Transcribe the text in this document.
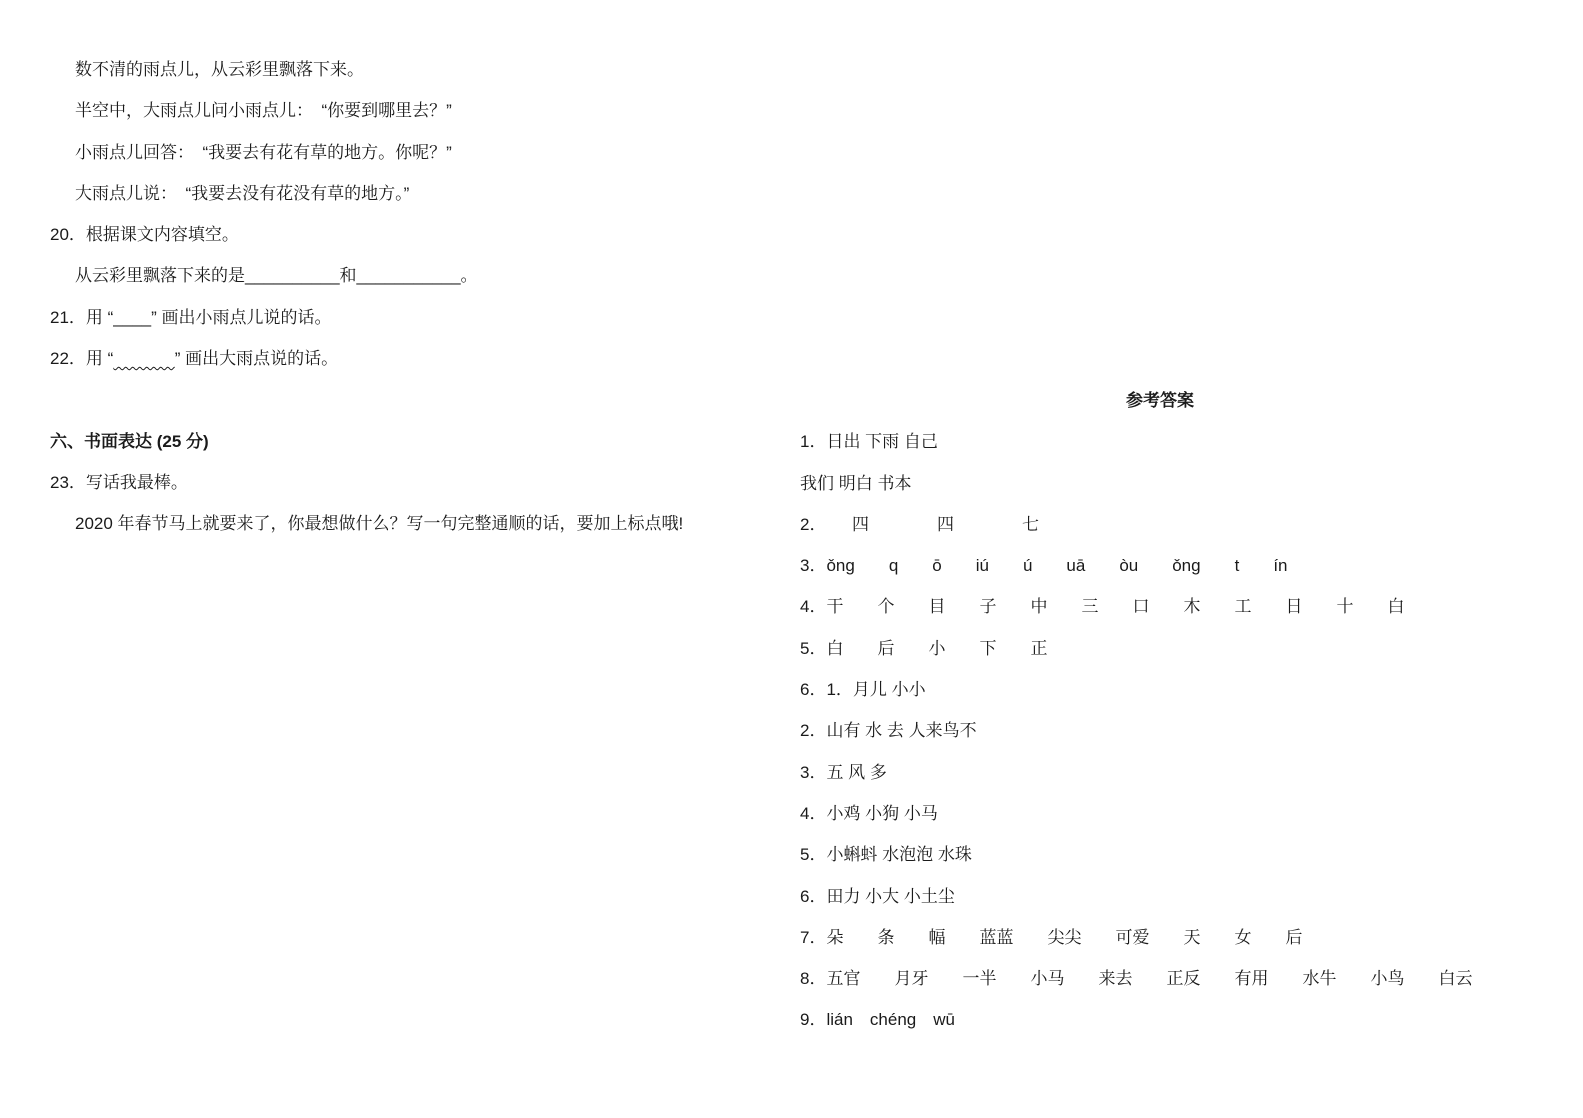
数不清的雨点儿，从云彩里飘落下来。
半空中，大雨点儿问小雨点儿：　“你要到哪里去？”
小雨点儿回答：　“我要去有花有草的地方。你呢？”
大雨点儿说：　“我要去没有花没有草的地方。”
20．根据课文内容填空。
从云彩里飘落下来的是__________和___________。
21．用 “____” 画出小雨点儿说的话。
22．用 “	” 画出大雨点说的话。
六、书面表达 (25 分)
23．写话我最棒。
2020 年春节马上就要来了，你最想做什么？写一句完整通顺的话，要加上标点哦!
参考答案
1．日出 下雨 自己
我们 明白 书本
2．　　四　　　　四　　　　七
3．ǒng　　q　　ō　　iú　　ú　　uā　　òu　　ǒng　　t　　ín
4．干　　个　　目　　子　　中　　三　　口　　木　　工　　日　　十　　白
5．白　　后　　小　　下　　正
6．1．月儿 小小
2．山有 水 去 人来鸟不
3．五 风 多
4．小鸡 小狗 小马
5．小蝌蚪 水泡泡 水珠
6．田力 小大 小土尘
7．朵　　条　　幅　　蓝蓝　　尖尖　　可爱　　天　　女　　后
8．五官　　月牙　　一半　　小马　　来去　　正反　　有用　　水牛　　小鸟　　白云
9．lián　chéng　wū
